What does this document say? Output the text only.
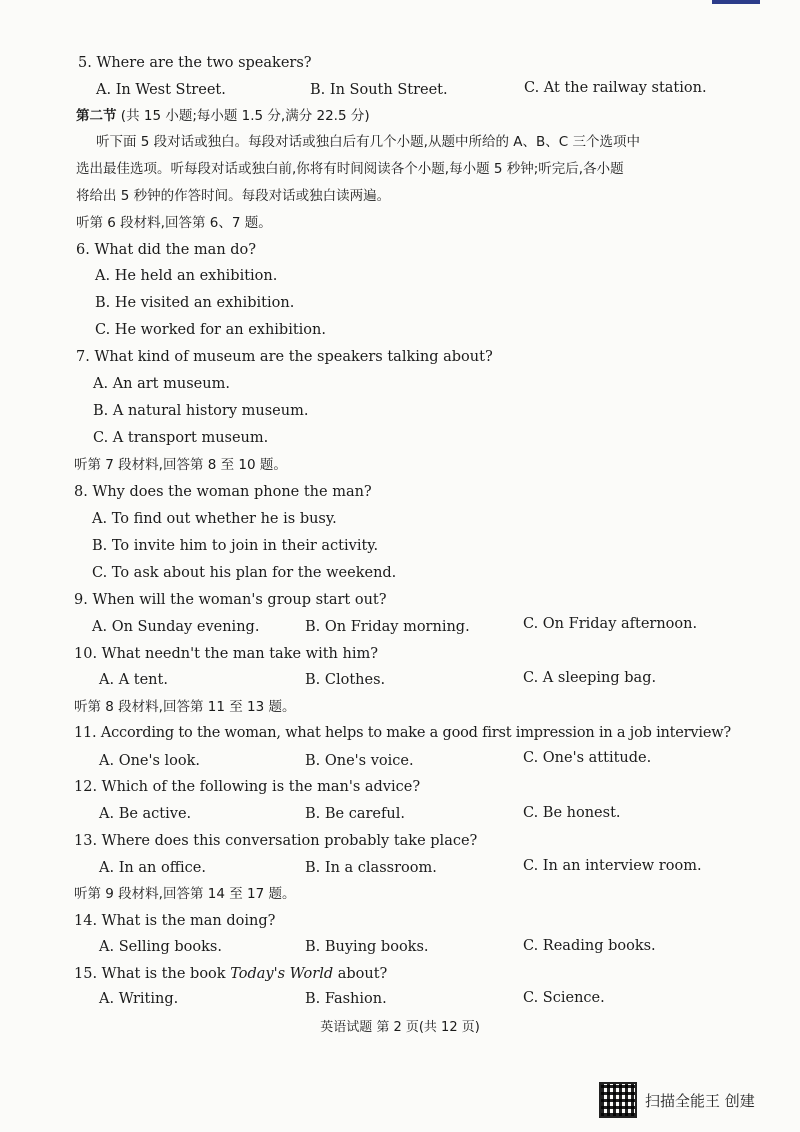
5. Where are the two speakers?
A. In West Street.	B. In South Street.	C. At the railway station.
第二节 (共 15 小题;每小题 1.5 分,满分 22.5 分)
听下面 5 段对话或独白。每段对话或独白后有几个小题,从题中所给的 A、B、C 三个选项中
选出最佳选项。听每段对话或独白前,你将有时间阅读各个小题,每小题 5 秒钟;听完后,各小题
将给出 5 秒钟的作答时间。每段对话或独白读两遍。
听第 6 段材料,回答第 6、7 题。
6. What did the man do?
A. He held an exhibition.
B. He visited an exhibition.
C. He worked for an exhibition.
7. What kind of museum are the speakers talking about?
A. An art museum.
B. A natural history museum.
C. A transport museum.
听第 7 段材料,回答第 8 至 10 题。
8. Why does the woman phone the man?
A. To find out whether he is busy.
B. To invite him to join in their activity.
C. To ask about his plan for the weekend.
9. When will the woman's group start out?
A. On Sunday evening.	B. On Friday morning.	C. On Friday afternoon.
10. What needn't the man take with him?
A. A tent.	B. Clothes.	C. A sleeping bag.
听第 8 段材料,回答第 11 至 13 题。
11. According to the woman, what helps to make a good first impression in a job interview?
A. One's look.	B. One's voice.	C. One's attitude.
12. Which of the following is the man's advice?
A. Be active.	B. Be careful.	C. Be honest.
13. Where does this conversation probably take place?
A. In an office.	B. In a classroom.	C. In an interview room.
听第 9 段材料,回答第 14 至 17 题。
14. What is the man doing?
A. Selling books.	B. Buying books.	C. Reading books.
15. What is the book Today's World about?
A. Writing.	B. Fashion.	C. Science.
英语试题 第 2 页(共 12 页)
扫描全能王 创建
